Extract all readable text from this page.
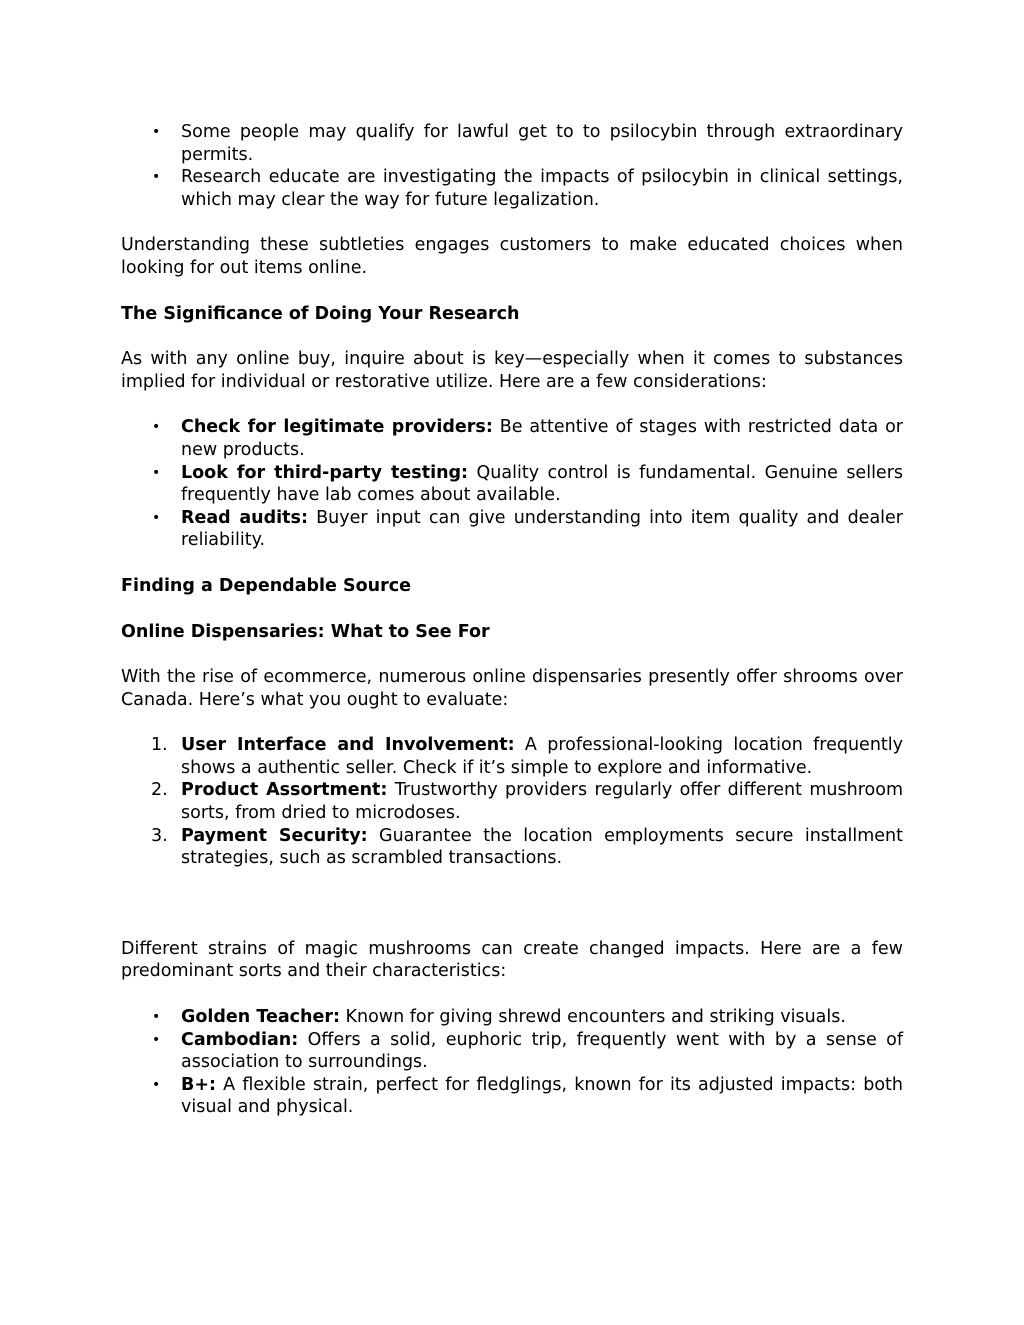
• Some people may qualify for lawful get to to psilocybin through extraordinary permits.
• Research educate are investigating the impacts of psilocybin in clinical settings, which may clear the way for future legalization.

Understanding these subtleties engages customers to make educated choices when looking for out items online.

The Significance of Doing Your Research

As with any online buy, inquire about is key—especially when it comes to substances implied for individual or restorative utilize. Here are a few considerations:

• Check for legitimate providers: Be attentive of stages with restricted data or new products.
• Look for third-party testing: Quality control is fundamental. Genuine sellers frequently have lab comes about available.
• Read audits: Buyer input can give understanding into item quality and dealer reliability.

Finding a Dependable Source

Online Dispensaries: What to See For

With the rise of ecommerce, numerous online dispensaries presently offer shrooms over Canada. Here’s what you ought to evaluate:

1. User Interface and Involvement: A professional-looking location frequently shows a authentic seller. Check if it’s simple to explore and informative.
2. Product Assortment: Trustworthy providers regularly offer different mushroom sorts, from dried to microdoses.
3. Payment Security: Guarantee the location employments secure installment strategies, such as scrambled transactions.

Different strains of magic mushrooms can create changed impacts. Here are a few predominant sorts and their characteristics:

• Golden Teacher: Known for giving shrewd encounters and striking visuals.
• Cambodian: Offers a solid, euphoric trip, frequently went with by a sense of association to surroundings.
• B+: A flexible strain, perfect for fledglings, known for its adjusted impacts: both visual and physical.
